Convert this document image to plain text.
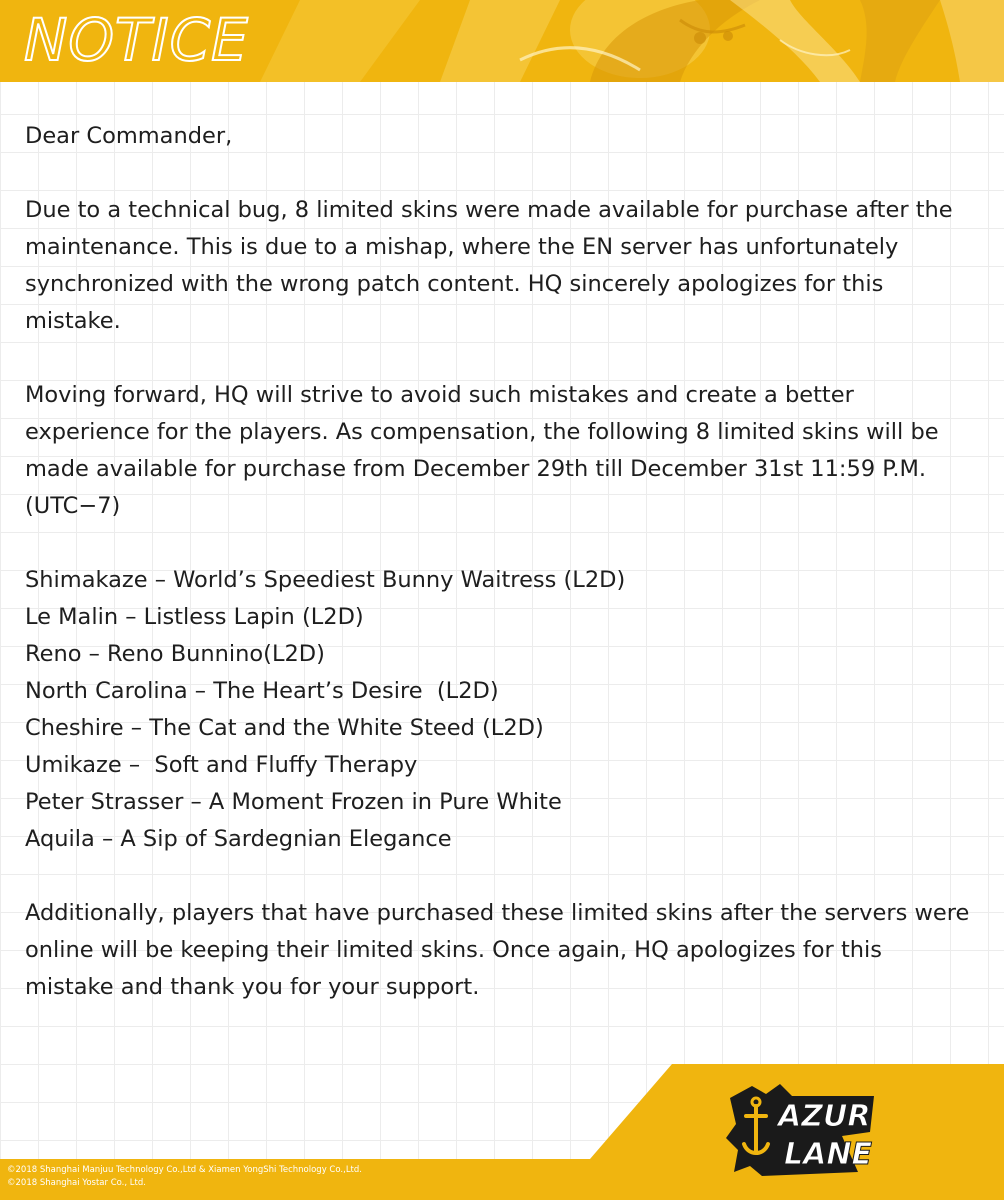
NOTICE

Dear Commander,

Due to a technical bug, 8 limited skins were made available for purchase after the maintenance. This is due to a mishap, where the EN server has unfortunately synchronized with the wrong patch content. HQ sincerely apologizes for this mistake.

Moving forward, HQ will strive to avoid such mistakes and create a better experience for the players. As compensation, the following 8 limited skins will be made available for purchase from December 29th till December 31st 11:59 P.M. (UTC−7)

Shimakaze – World’s Speediest Bunny Waitress (L2D)
Le Malin – Listless Lapin (L2D)
Reno – Reno Bunnino(L2D)
North Carolina – The Heart’s Desire  (L2D)
Cheshire – The Cat and the White Steed (L2D)
Umikaze –  Soft and Fluffy Therapy
Peter Strasser – A Moment Frozen in Pure White
Aquila – A Sip of Sardegnian Elegance

Additionally, players that have purchased these limited skins after the servers were online will be keeping their limited skins. Once again, HQ apologizes for this mistake and thank you for your support.

AZUR
LANE
©2018 Shanghai Manjuu Technology Co.,Ltd & Xiamen YongShi Technology Co.,Ltd.
©2018 Shanghai Yostar Co., Ltd.
